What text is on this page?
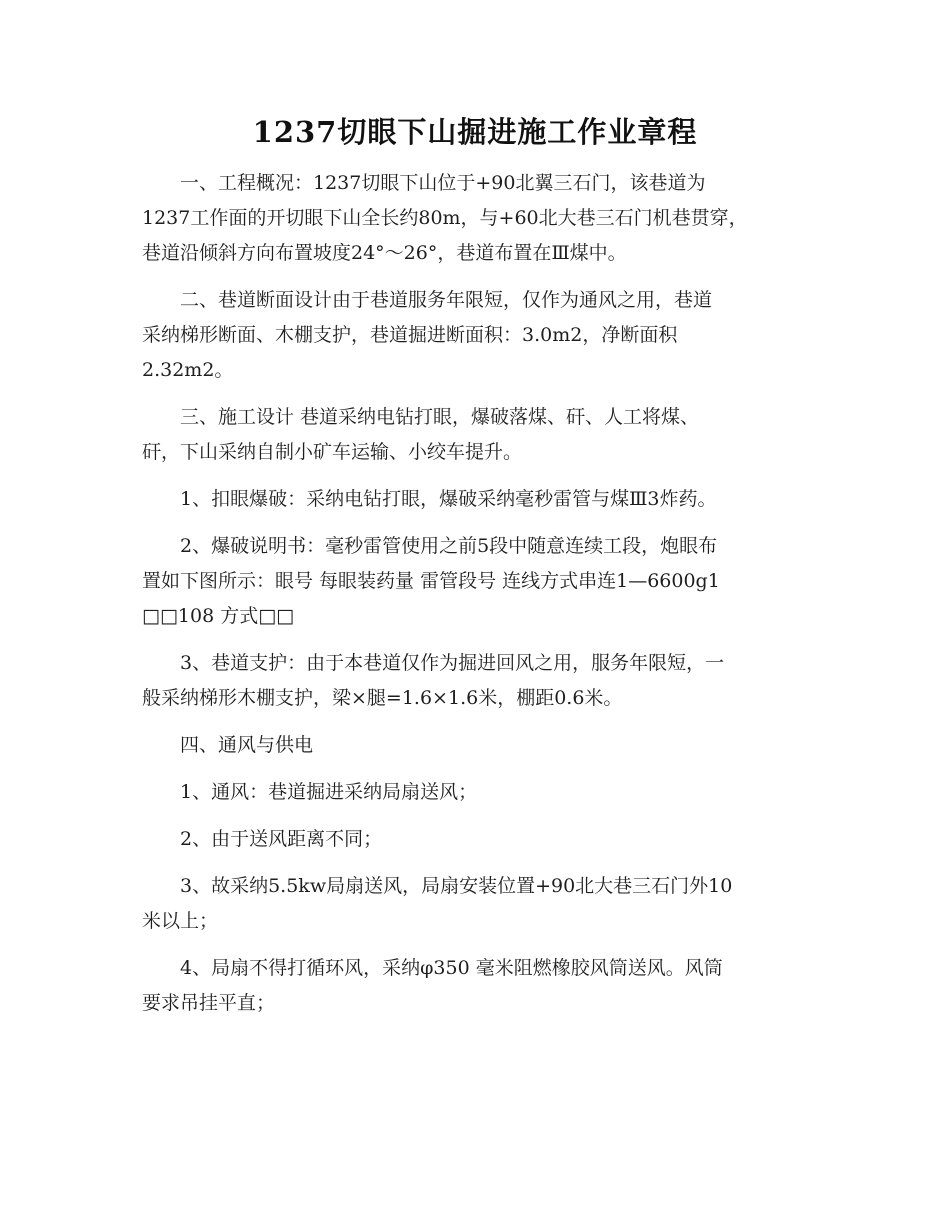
1237切眼下山掘进施工作业章程

一、工程概况：1237切眼下山位于+90北翼三石门，该巷道为
1237工作面的开切眼下山全长约80m，与+60北大巷三石门机巷贯穿，
巷道沿倾斜方向布置坡度24°～26°，巷道布置在Ⅲ煤中。

二、巷道断面设计由于巷道服务年限短，仅作为通风之用，巷道
采纳梯形断面、木棚支护，巷道掘进断面积：3.0m2，净断面积
2.32m2。

三、施工设计 巷道采纳电钻打眼，爆破落煤、矸、人工将煤、
矸，下山采纳自制小矿车运输、小绞车提升。

1、扣眼爆破：采纳电钻打眼，爆破采纳毫秒雷管与煤Ⅲ3炸药。

2、爆破说明书：毫秒雷管使用之前5段中随意连续工段，炮眼布
置如下图所示：眼号 每眼装药量 雷管段号 连线方式串连1—6600g1
□□108 方式□□

3、巷道支护：由于本巷道仅作为掘进回风之用，服务年限短，一
般采纳梯形木棚支护，梁×腿=1.6×1.6米，棚距0.6米。

四、通风与供电

1、通风：巷道掘进采纳局扇送风；

2、由于送风距离不同；

3、故采纳5.5kw局扇送风，局扇安装位置+90北大巷三石门外10
米以上；

4、局扇不得打循环风，采纳φ350 毫米阻燃橡胶风筒送风。风筒
要求吊挂平直；
